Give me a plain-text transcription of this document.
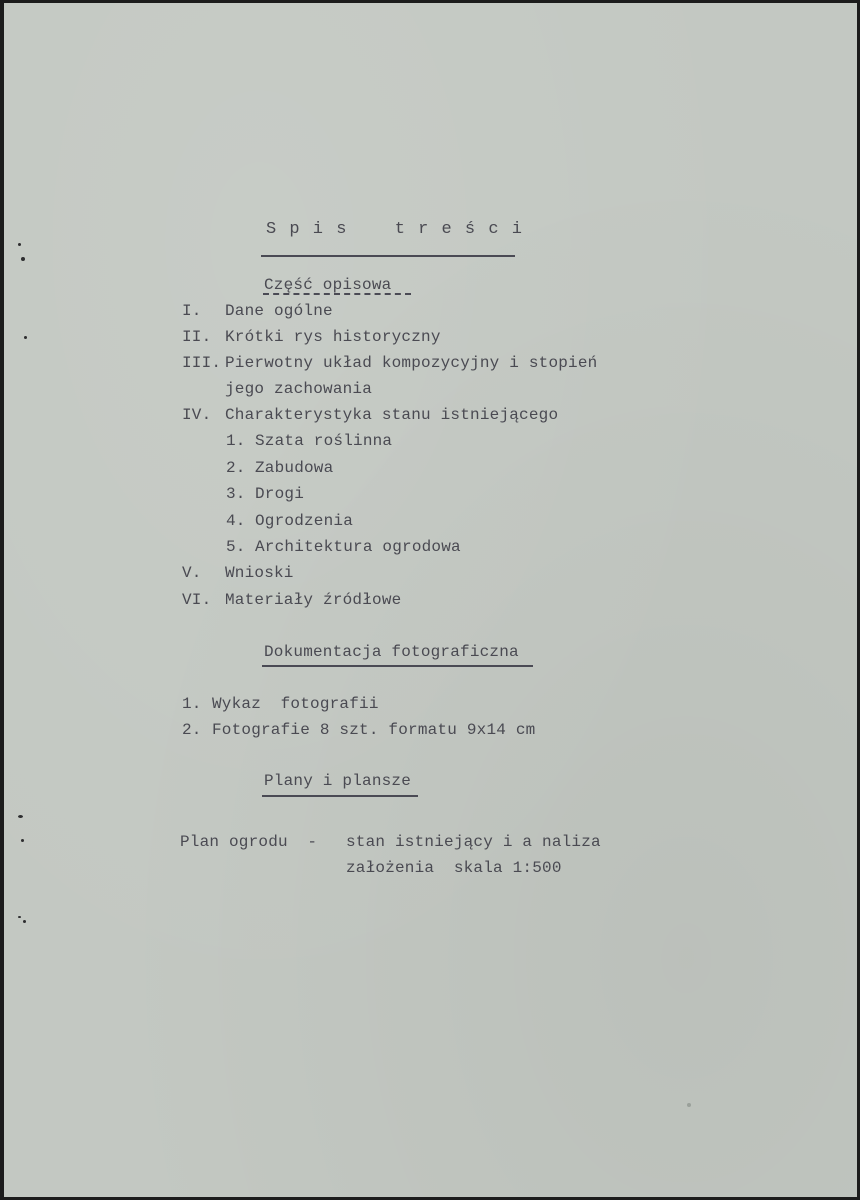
S p i s    t r e ś c i
Część opisowa
I. Dane ogólne
II. Krótki rys historyczny
III. Pierwotny układ kompozycyjny i stopień
jego zachowania
IV. Charakterystyka stanu istniejącego
1. Szata roślinna
2. Zabudowa
3. Drogi
4. Ogrodzenia
5. Architektura ogrodowa
V. Wnioski
VI. Materiały źródłowe
Dokumentacja fotograficzna
1. Wykaz  fotografii
2. Fotografie 8 szt. formatu 9x14 cm
Plany i plansze
Plan ogrodu  - stan istniejący i a naliza
założenia  skala 1:500
